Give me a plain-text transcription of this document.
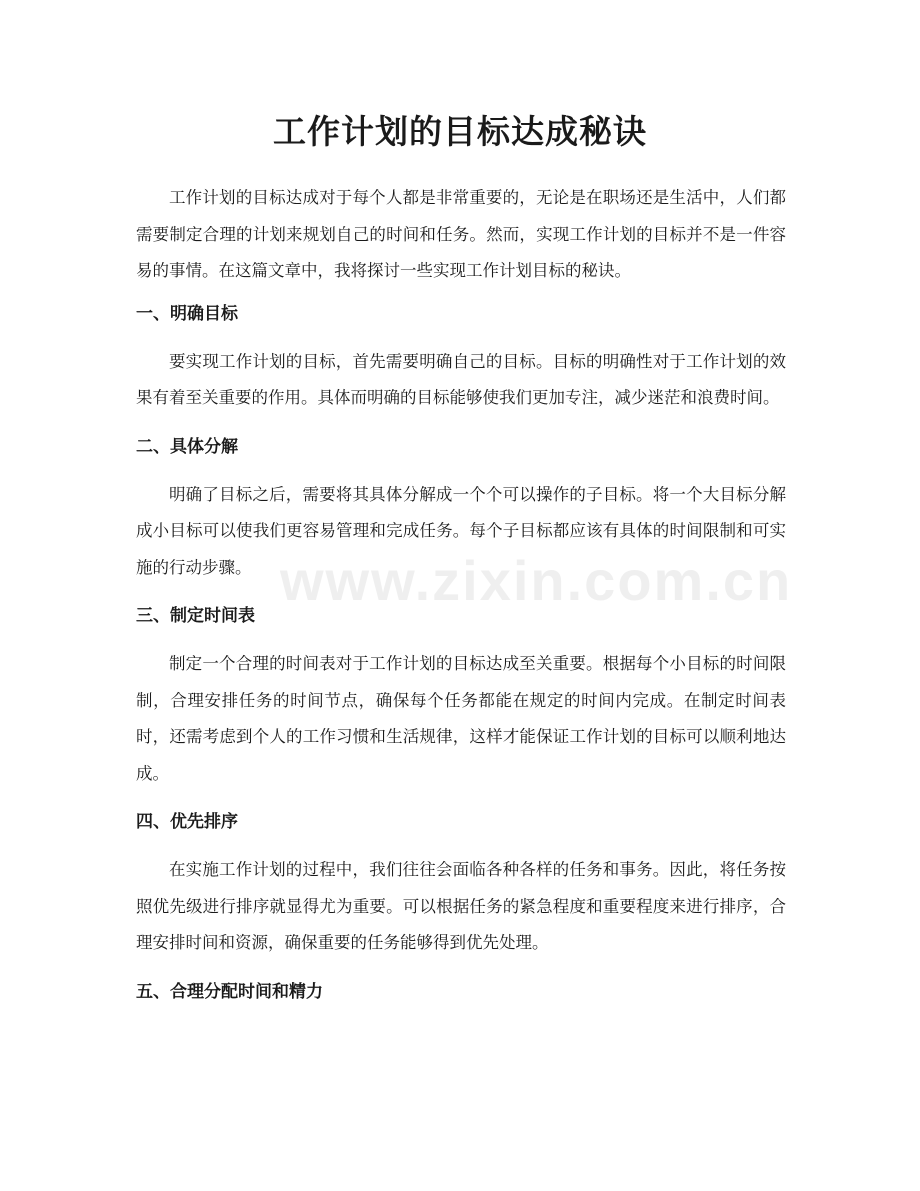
工作计划的目标达成秘诀

工作计划的目标达成对于每个人都是非常重要的，无论是在职场还是生活中，人们都需要制定合理的计划来规划自己的时间和任务。然而，实现工作计划的目标并不是一件容易的事情。在这篇文章中，我将探讨一些实现工作计划目标的秘诀。

一、明确目标

要实现工作计划的目标，首先需要明确自己的目标。目标的明确性对于工作计划的效果有着至关重要的作用。具体而明确的目标能够使我们更加专注，减少迷茫和浪费时间。

二、具体分解

明确了目标之后，需要将其具体分解成一个个可以操作的子目标。将一个大目标分解成小目标可以使我们更容易管理和完成任务。每个子目标都应该有具体的时间限制和可实施的行动步骤。

三、制定时间表

制定一个合理的时间表对于工作计划的目标达成至关重要。根据每个小目标的时间限制，合理安排任务的时间节点，确保每个任务都能在规定的时间内完成。在制定时间表时，还需考虑到个人的工作习惯和生活规律，这样才能保证工作计划的目标可以顺利地达成。

四、优先排序

在实施工作计划的过程中，我们往往会面临各种各样的任务和事务。因此，将任务按照优先级进行排序就显得尤为重要。可以根据任务的紧急程度和重要程度来进行排序，合理安排时间和资源，确保重要的任务能够得到优先处理。

五、合理分配时间和精力
www.zixin.com.cn
